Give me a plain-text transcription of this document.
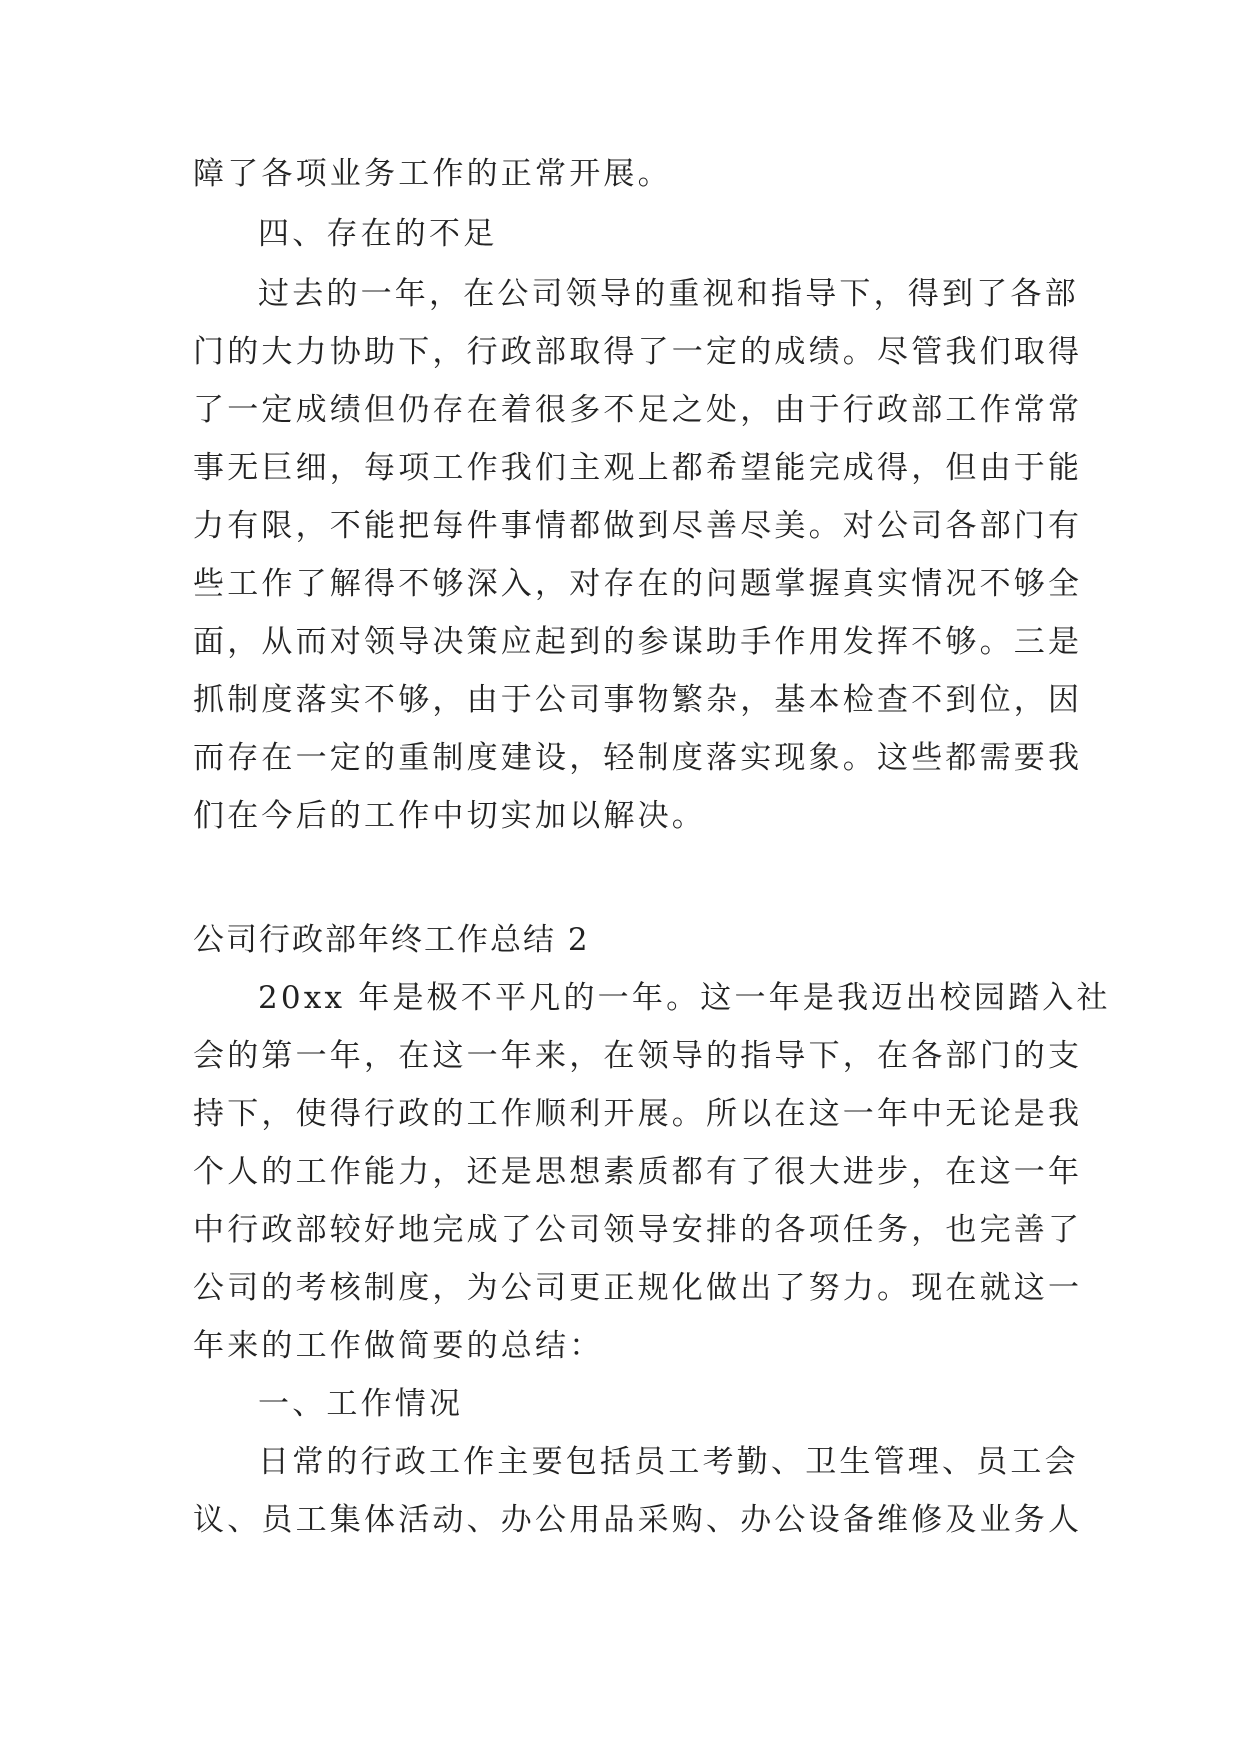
障了各项业务工作的正常开展。
四、存在的不足
过去的一年，在公司领导的重视和指导下，得到了各部
门的大力协助下，行政部取得了一定的成绩。尽管我们取得
了一定成绩但仍存在着很多不足之处，由于行政部工作常常
事无巨细，每项工作我们主观上都希望能完成得，但由于能
力有限，不能把每件事情都做到尽善尽美。对公司各部门有
些工作了解得不够深入，对存在的问题掌握真实情况不够全
面，从而对领导决策应起到的参谋助手作用发挥不够。三是
抓制度落实不够，由于公司事物繁杂，基本检查不到位，因
而存在一定的重制度建设，轻制度落实现象。这些都需要我
们在今后的工作中切实加以解决。
公司行政部年终工作总结 2
20xx 年是极不平凡的一年。这一年是我迈出校园踏入社
会的第一年，在这一年来，在领导的指导下，在各部门的支
持下，使得行政的工作顺利开展。所以在这一年中无论是我
个人的工作能力，还是思想素质都有了很大进步，在这一年
中行政部较好地完成了公司领导安排的各项任务，也完善了
公司的考核制度，为公司更正规化做出了努力。现在就这一
年来的工作做简要的总结：
一、工作情况
日常的行政工作主要包括员工考勤、卫生管理、员工会
议、员工集体活动、办公用品采购、办公设备维修及业务人
